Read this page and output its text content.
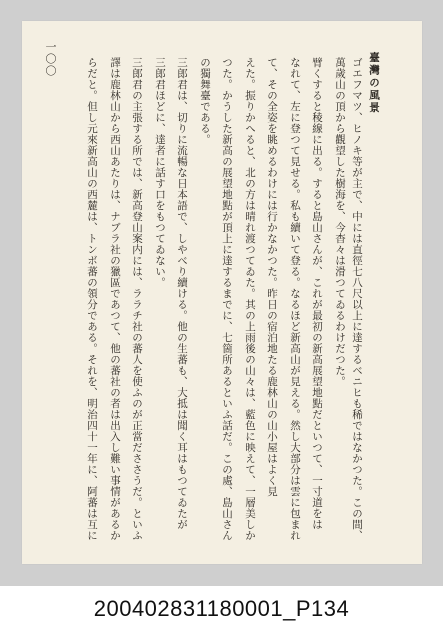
一〇〇	臺灣の風景
ゴエフマツ、ヒノキ等が主で、中には直徑七八尺以上に達するベニヒも稀ではなかつた。この間、
萬歲山の頂から觀望した樹海を、今杳々は滑つてゐるわけだつた。
臂くすると稜線に出る。すると島山さんが、これが最初の新高展望地點だといつて、一寸道をは
なれて、左に登つて見せる。私も續いて登る。なるほど新高山が見える。然し大部分は雲に包まれ
て、その全姿を眺めるわけには行かなかつた。昨日の宿泊地たる鹿林山の山小屋はよく見
えた。振りかへると、北の方は晴れ渡つてゐた。其の上雨後の山々は、藍色に映えて、一層美しか
つた。かうした新高の展望地點が頂上に達するまでに、七箇所あるといふ話だ。この處、島山さん
の獨舞臺である。
三郎君は、切りに流暢な日本語で、しやべり續ける。他の生蕃も、大抵は聞く耳はもつてゐたが
三郎君ほどに、達者に話す口をもつてゐない。
三郎君の主張する所では、新高登山案内には、ララチ社の蕃人を使ふのが正當だささうだ。といふ
譯は鹿林山から西山あたりは、ナブラ社の獵區であつて、他の蕃社の者は出入し難い事情があるか
らだと。但し元來新高山の西麓は、トンボ蕃の領分である。それを、明治四十一年に、阿蕃は互に
200402831180001_P134
